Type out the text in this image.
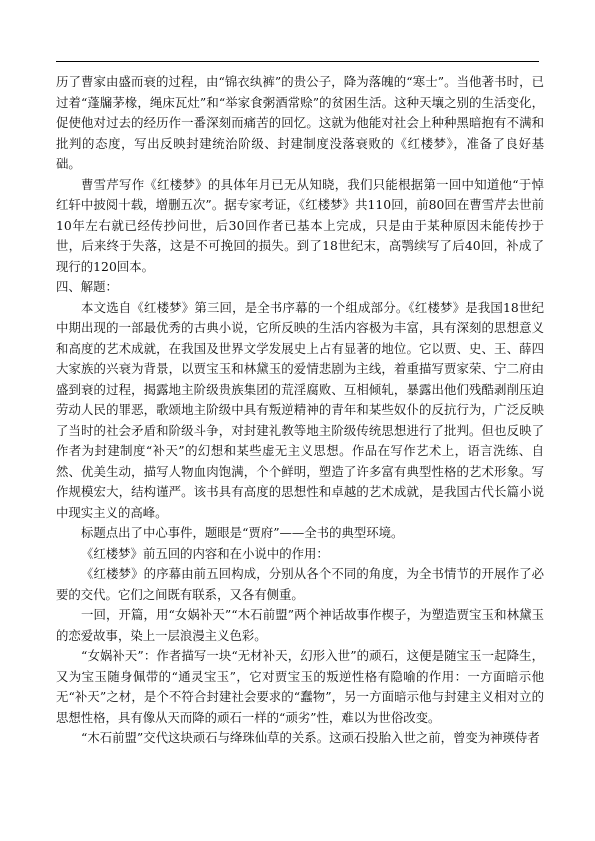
历了曹家由盛而衰的过程，由“锦衣纨裤”的贵公子，降为落魄的“寒士”。当他著书时，已过着“蓬牖茅椽，绳床瓦灶”和“举家食粥酒常赊”的贫困生活。这种天壤之别的生活变化，促使他对过去的经历作一番深刻而痛苦的回忆。这就为他能对社会上种种黑暗抱有不满和批判的态度，写出反映封建统治阶级、封建制度没落衰败的《红楼梦》，准备了良好基础。

曹雪芹写作《红楼梦》的具体年月已无从知晓，我们只能根据第一回中知道他“于悼红轩中披阅十载，增删五次”。据专家考证，《红楼梦》共110回，前80回在曹雪芹去世前10年左右就已经传抄问世，后30回作者已基本上完成，只是由于某种原因未能传抄于世，后来终于失落，这是不可挽回的损失。到了18世纪末，高鹗续写了后40回，补成了现行的120回本。

四、解题：

本文选自《红楼梦》第三回，是全书序幕的一个组成部分。《红楼梦》是我国18世纪中期出现的一部最优秀的古典小说，它所反映的生活内容极为丰富，具有深刻的思想意义和高度的艺术成就，在我国及世界文学发展史上占有显著的地位。它以贾、史、王、薛四大家族的兴衰为背景，以贾宝玉和林黛玉的爱情悲剧为主线，着重描写贾家荣、宁二府由盛到衰的过程，揭露地主阶级贵族集团的荒淫腐败、互相倾轧，暴露出他们残酷剥削压迫劳动人民的罪恶，歌颂地主阶级中具有叛逆精神的青年和某些奴仆的反抗行为，广泛反映了当时的社会矛盾和阶级斗争，对封建礼教等地主阶级传统思想进行了批判。但也反映了作者为封建制度“补天”的幻想和某些虚无主义思想。作品在写作艺术上，语言洗练、自然、优美生动，描写人物血肉饱满，个个鲜明，塑造了许多富有典型性格的艺术形象。写作规模宏大，结构谨严。该书具有高度的思想性和卓越的艺术成就，是我国古代长篇小说中现实主义的高峰。

标题点出了中心事件，题眼是“贾府”——全书的典型环境。

《红楼梦》前五回的内容和在小说中的作用：

《红楼梦》的序幕由前五回构成，分别从各个不同的角度，为全书情节的开展作了必要的交代。它们之间既有联系，又各有侧重。

一回，开篇，用“女娲补天”“木石前盟”两个神话故事作楔子，为塑造贾宝玉和林黛玉的恋爱故事，染上一层浪漫主义色彩。

“女娲补天”：作者描写一块“无材补天，幻形入世”的顽石，这便是随宝玉一起降生，又为宝玉随身佩带的“通灵宝玉”，它对贾宝玉的叛逆性格有隐喻的作用：一方面暗示他无“补天”之材，是个不符合封建社会要求的“蠢物”，另一方面暗示他与封建主义相对立的思想性格，具有像从天而降的顽石一样的“顽劣”性，难以为世俗改变。

“木石前盟”交代这块顽石与绛珠仙草的关系。这顽石投胎入世之前，曾变为神瑛侍者
